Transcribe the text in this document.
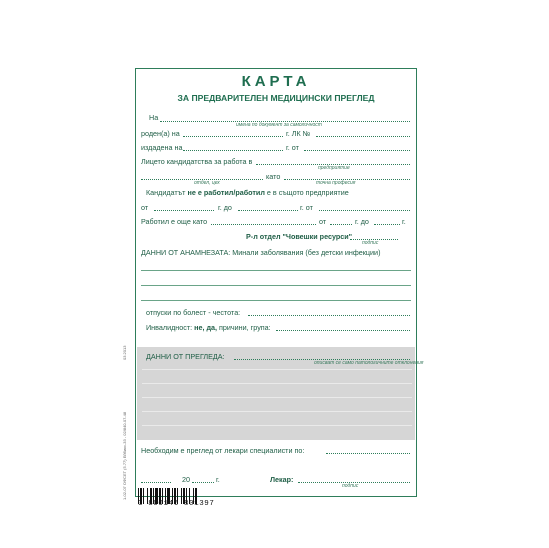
КАРТА
ЗА ПРЕДВАРИТЕЛЕН МЕДИЦИНСКИ ПРЕГЛЕД
На
имена по документ за самоличност
роден(а) на	г. ЛК №
издадена на	г. от
Лицето кандидатства за работа в
предприятие
като
отдел, цех	точна професия
Кандидатът не е работил/работил е в същото предприятие
от	г. до	г. от
Работил е още като	от	г. до	г.
Р-л отдел "Човешки ресурси"
подпис
ДАННИ ОТ АНАМНЕЗАТА: Минали заболявания (без детски инфекции)
отпуски по болест - честота:
Инвалидност: не, да, причини, група:
ДАННИ ОТ ПРЕГЛЕДА:
описват се само патологичните отклонения
Необходим е преглед от лекари специалисти по:
20	г.	Лекар:
подпис
1-02-07 ОФСЕТ (5.77) Ейбикс-33 - 02/840-07-48
03.2013
3 800146 801397
